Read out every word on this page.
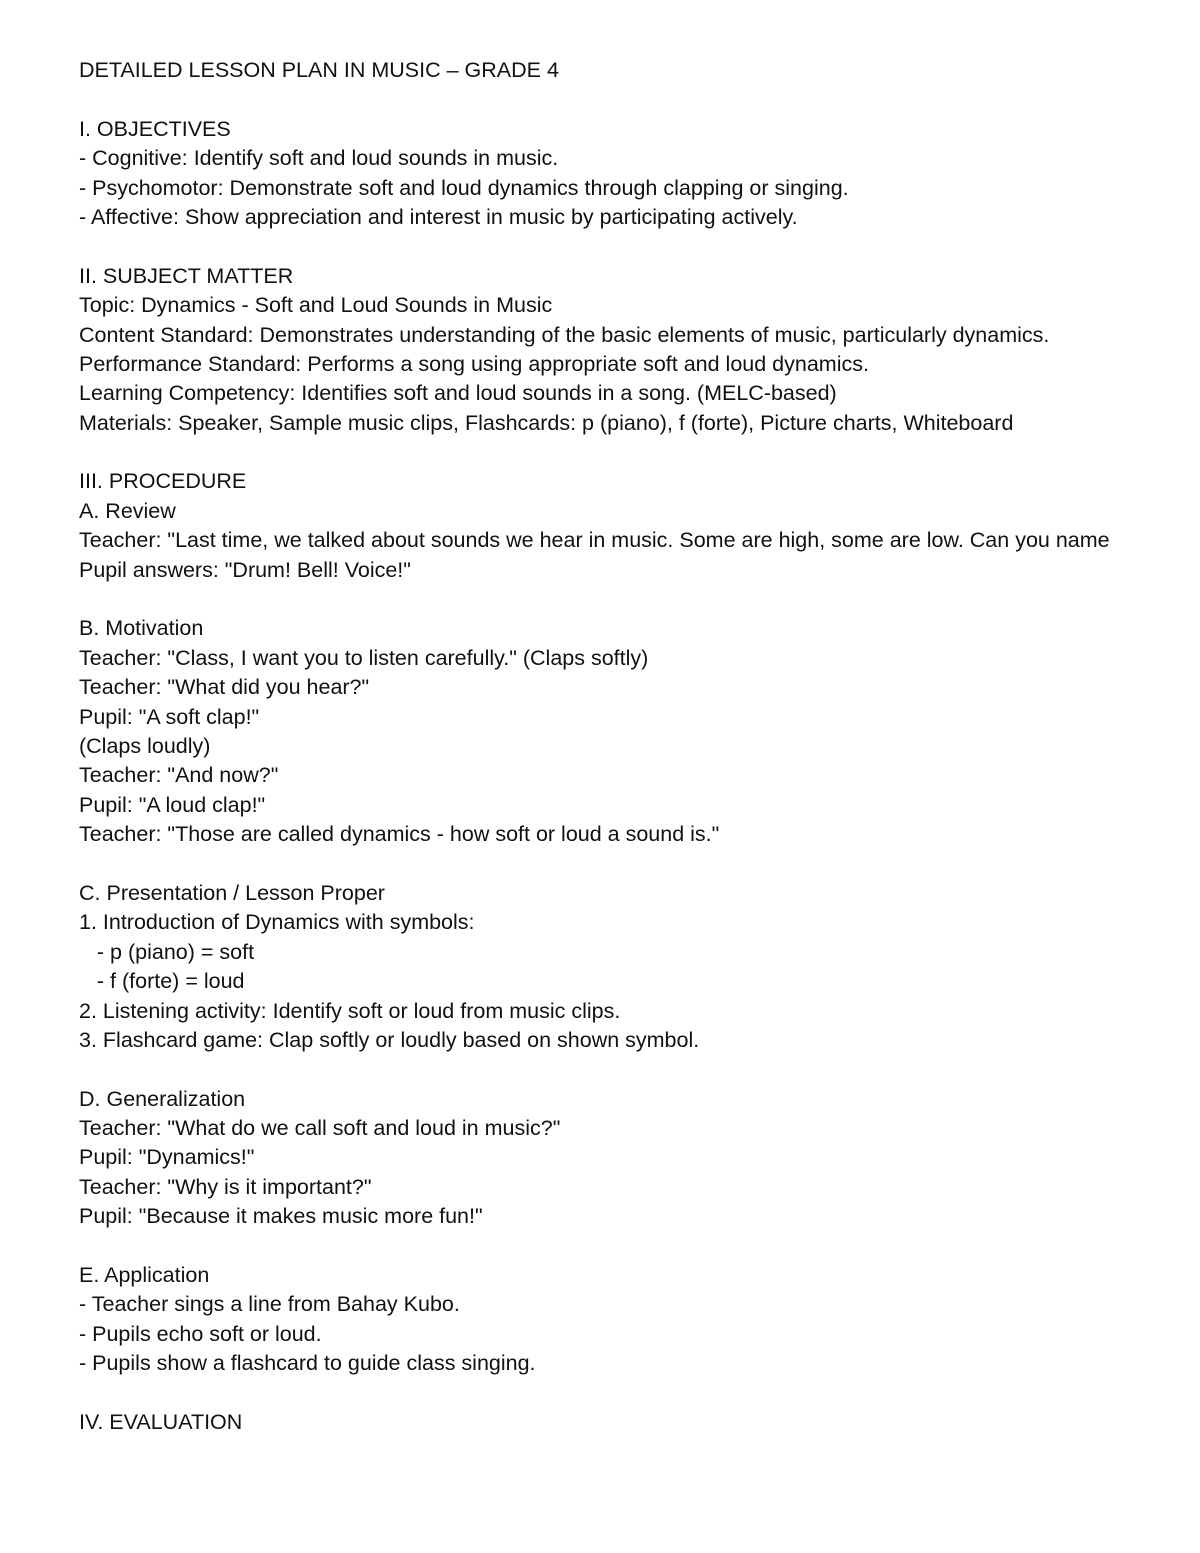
DETAILED LESSON PLAN IN MUSIC – GRADE 4
I. OBJECTIVES
- Cognitive: Identify soft and loud sounds in music.
- Psychomotor: Demonstrate soft and loud dynamics through clapping or singing.
- Affective: Show appreciation and interest in music by participating actively.
II. SUBJECT MATTER
Topic: Dynamics - Soft and Loud Sounds in Music
Content Standard: Demonstrates understanding of the basic elements of music, particularly dynamics.
Performance Standard: Performs a song using appropriate soft and loud dynamics.
Learning Competency: Identifies soft and loud sounds in a song. (MELC-based)
Materials: Speaker, Sample music clips, Flashcards: p (piano), f (forte), Picture charts, Whiteboard
III. PROCEDURE
A. Review
Teacher: "Last time, we talked about sounds we hear in music. Some are high, some are low. Can you name
Pupil answers: "Drum! Bell! Voice!"
B. Motivation
Teacher: "Class, I want you to listen carefully." (Claps softly)
Teacher: "What did you hear?"
Pupil: "A soft clap!"
(Claps loudly)
Teacher: "And now?"
Pupil: "A loud clap!"
Teacher: "Those are called dynamics - how soft or loud a sound is."
C. Presentation / Lesson Proper
1. Introduction of Dynamics with symbols:
- p (piano) = soft
- f (forte) = loud
2. Listening activity: Identify soft or loud from music clips.
3. Flashcard game: Clap softly or loudly based on shown symbol.
D. Generalization
Teacher: "What do we call soft and loud in music?"
Pupil: "Dynamics!"
Teacher: "Why is it important?"
Pupil: "Because it makes music more fun!"
E. Application
- Teacher sings a line from Bahay Kubo.
- Pupils echo soft or loud.
- Pupils show a flashcard to guide class singing.
IV. EVALUATION
